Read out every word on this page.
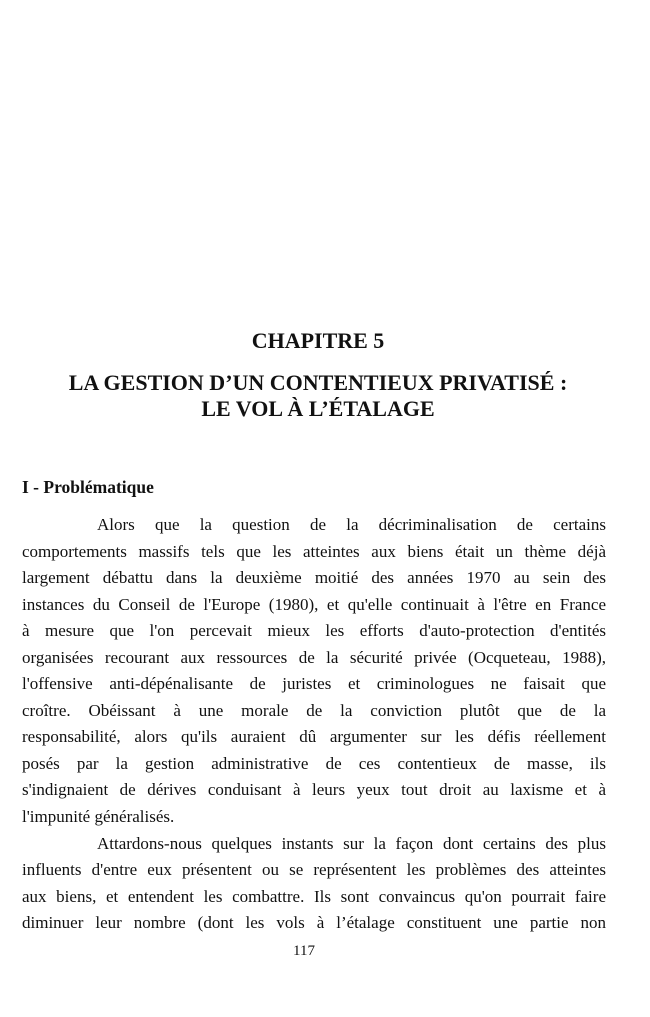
CHAPITRE 5
LA GESTION D’UN CONTENTIEUX PRIVATISÉ :
LE VOL À L’ÉTALAGE
I - Problématique
Alors que la question de la décriminalisation de certains
comportements massifs tels que les atteintes aux biens était un thème déjà
largement débattu dans la deuxième moitié des années 1970 au sein des
instances du Conseil de l'Europe (1980), et qu'elle continuait à l'être en France
à mesure que l'on percevait mieux les efforts d'auto-protection d'entités
organisées recourant aux ressources de la sécurité privée (Ocqueteau, 1988),
l'offensive anti-dépénalisante de juristes et criminologues ne faisait que
croître. Obéissant à une morale de la conviction plutôt que de la
responsabilité, alors qu'ils auraient dû argumenter sur les défis réellement
posés par la gestion administrative de ces contentieux de masse, ils
s'indignaient de dérives conduisant à leurs yeux tout droit au laxisme et à
l'impunité généralisés.
Attardons-nous quelques instants sur la façon dont certains des plus
influents d'entre eux présentent ou se représentent les problèmes des atteintes
aux biens, et entendent les combattre. Ils sont convaincus qu'on pourrait faire
diminuer leur nombre (dont les vols à l’étalage constituent une partie non
117
